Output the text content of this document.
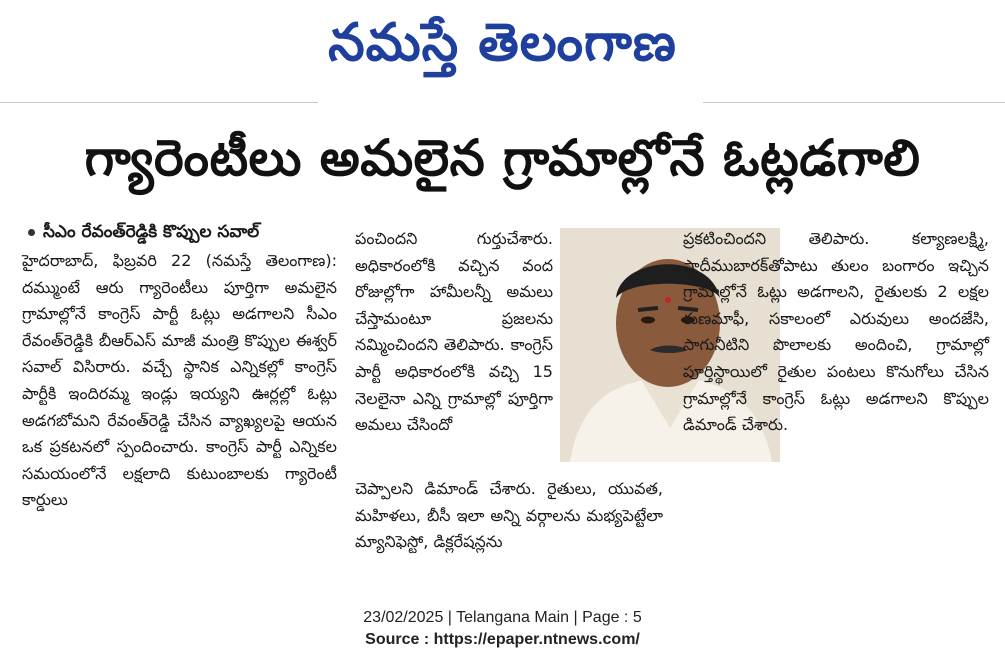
నమస్తే తెలంగాణ
గ్యారెంటీలు అమలైన గ్రామాల్లోనే ఓట్లడగాలి
సీఎం రేవంత్‌రెడ్డికి కొప్పుల సవాల్
హైదరాబాద్, ఫిబ్రవరి 22 (నమస్తే తెలంగాణ): దమ్ముంటే ఆరు గ్యారెంటీలు పూర్తిగా అమలైన గ్రామాల్లోనే కాంగ్రెస్ పార్టీ ఓట్లు అడగాలని సీఎం రేవంత్‌రెడ్డికి బీఆర్‌ఎస్ మాజీ మంత్రి కొప్పుల ఈశ్వర్ సవాల్ విసిరారు. వచ్చే స్థానిక ఎన్నికల్లో కాంగ్రెస్ పార్టీకి ఇందిరమ్మ ఇండ్లు ఇయ్యని ఊర్లల్లో ఓట్లు అడగబోమని రేవంత్‌రెడ్డి చేసిన వ్యాఖ్యలపై ఆయన ఒక ప్రకటనలో స్పందించారు. కాంగ్రెస్ పార్టీ ఎన్నికల సమయంలోనే లక్షలాది కుటుంబాలకు గ్యారెంటీ కార్డులు
పంచిందని గుర్తుచేశారు. అధికారంలోకి వచ్చిన వంద రోజుల్లోగా హామీలన్నీ అమలు చేస్తామంటూ ప్రజలను నమ్మించిందని తెలిపారు. కాంగ్రెస్ పార్టీ అధికారంలోకి వచ్చి 15 నెలలైనా ఎన్ని గ్రామాల్లో పూర్తిగా అమలు చేసిందో
చెప్పాలని డిమాండ్ చేశారు. రైతులు, యువత, మహిళలు, బీసీ ఇలా అన్ని వర్గాలను మభ్యపెట్టేలా మ్యానిఫెస్టో, డిక్లరేషన్లను
ప్రకటించిందని తెలిపారు. కల్యాణలక్ష్మి, షాదీముబారక్‌తోపాటు తులం బంగారం ఇచ్చిన గ్రామాల్లోనే ఓట్లు అడగాలని, రైతులకు 2 లక్షల రుణమాఫీ, సకాలంలో ఎరువులు అందజేసి, సాగునీటిని పొలాలకు అందించి, గ్రామాల్లో పూర్తిస్థాయిలో రైతుల పంటలు కొనుగోలు చేసిన గ్రామాల్లోనే కాంగ్రెస్ ఓట్లు అడగాలని కొప్పుల డిమాండ్ చేశారు.
23/02/2025 | Telangana Main | Page : 5
Source : https://epaper.ntnews.com/
